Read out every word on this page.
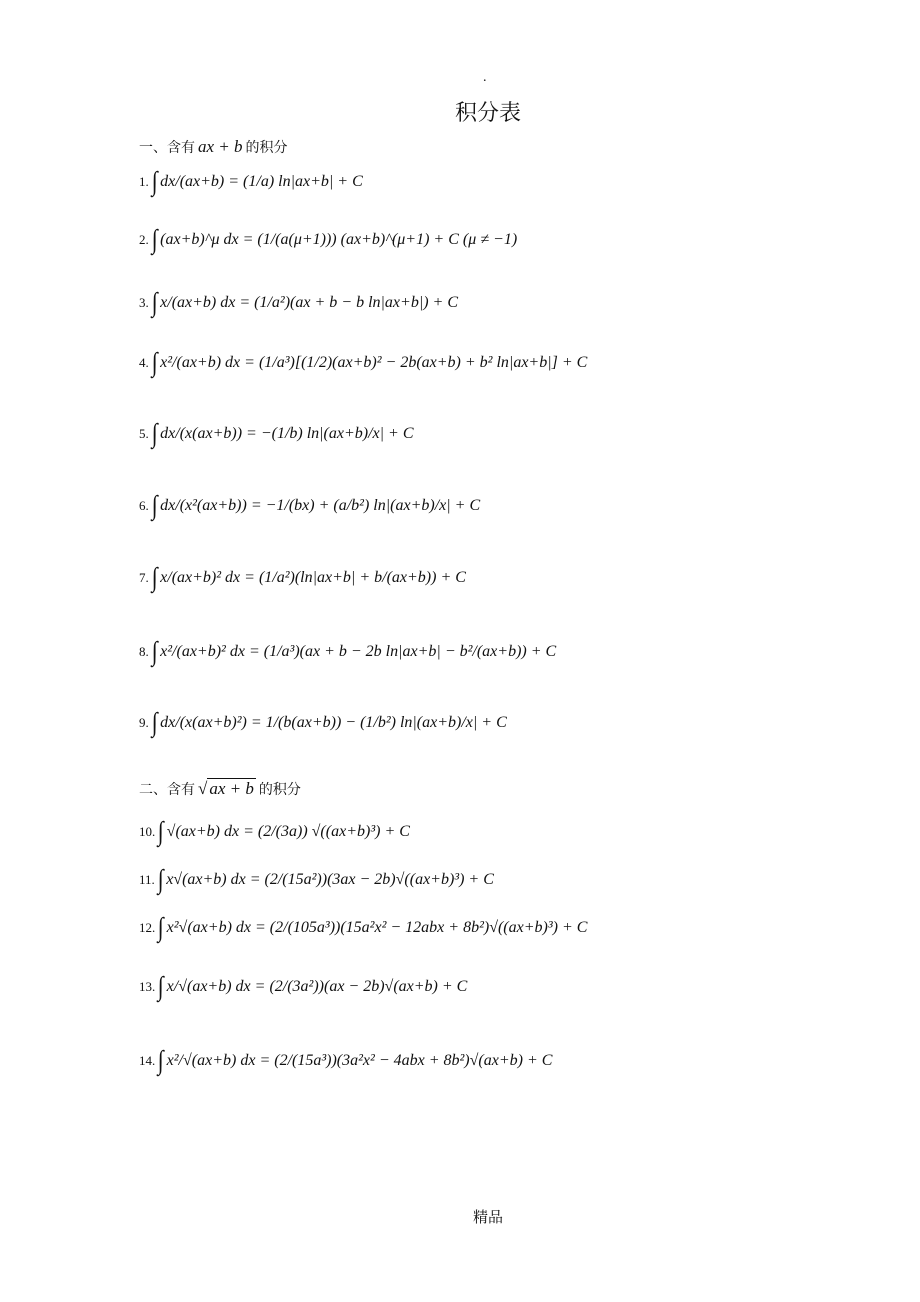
.
积分表
一、含有 ax + b 的积分
1. ∫ dx/(ax+b) = (1/a) ln|ax+b| + C
2. ∫ (ax+b)^μ dx = (1/(a(μ+1))) (ax+b)^(μ+1) + C (μ ≠ −1)
3. ∫ x/(ax+b) dx = (1/a²)(ax + b − b ln|ax+b|) + C
4. ∫ x²/(ax+b) dx = (1/a³)[(1/2)(ax+b)² − 2b(ax+b) + b² ln|ax+b|] + C
5. ∫ dx/(x(ax+b)) = −(1/b) ln|(ax+b)/x| + C
6. ∫ dx/(x²(ax+b)) = −1/(bx) + (a/b²) ln|(ax+b)/x| + C
7. ∫ x/(ax+b)² dx = (1/a²)(ln|ax+b| + b/(ax+b)) + C
8. ∫ x²/(ax+b)² dx = (1/a³)(ax + b − 2b ln|ax+b| − b²/(ax+b)) + C
9. ∫ dx/(x(ax+b)²) = 1/(b(ax+b)) − (1/b²) ln|(ax+b)/x| + C
二、含有 √ ax + b 的积分
10. ∫ √(ax+b) dx = (2/(3a)) √((ax+b)³) + C
11. ∫ x√(ax+b) dx = (2/(15a²))(3ax − 2b)√((ax+b)³) + C
12. ∫ x²√(ax+b) dx = (2/(105a³))(15a²x² − 12abx + 8b²)√((ax+b)³) + C
13. ∫ x/√(ax+b) dx = (2/(3a²))(ax − 2b)√(ax+b) + C
14. ∫ x²/√(ax+b) dx = (2/(15a³))(3a²x² − 4abx + 8b²)√(ax+b) + C
精品
